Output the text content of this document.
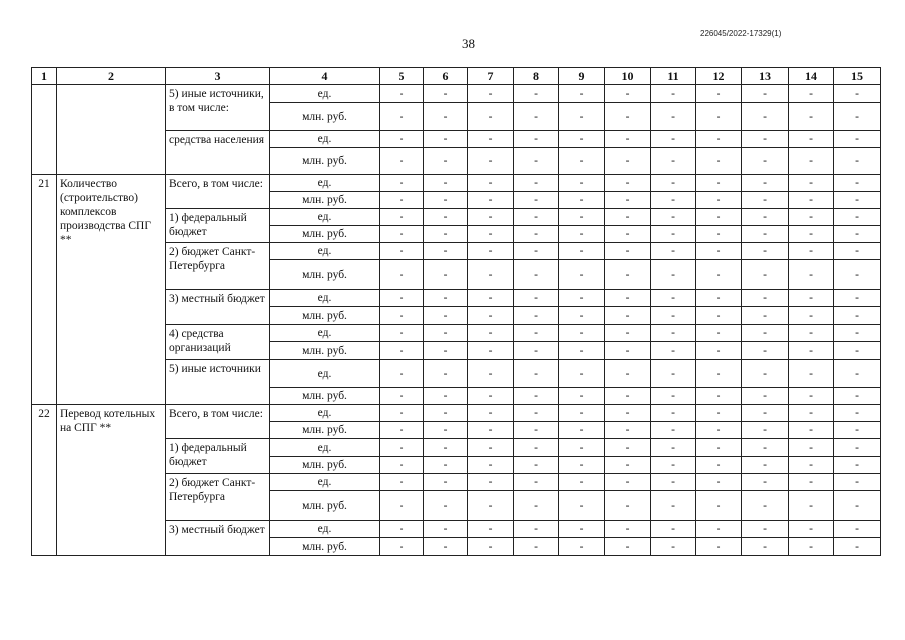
226045/2022-17329(1)
38
1	2	3	4	5	6	7	8	9	10	11	12	13	14	15
		5) иные источники, в том числе:	ед.	-	-	-	-	-	-	-	-	-	-	-
			млн. руб.	-	-	-	-	-	-	-	-	-	-	-
		средства населения	ед.	-	-	-	-	-	-	-	-	-	-	-
			млн. руб.	-	-	-	-	-	-	-	-	-	-	-
21	Количество (строительство) комплексов производства СПГ **	Всего, в том числе:	ед.	-	-	-	-	-	-	-	-	-	-	-
			млн. руб.	-	-	-	-	-	-	-	-	-	-	-
		1) федеральный бюджет	ед.	-	-	-	-	-	-	-	-	-	-	-
			млн. руб.	-	-	-	-	-	-	-	-	-	-	-
		2) бюджет Санкт-Петербурга	ед.	-	-	-	-	-	-	-	-	-	-	-
			млн. руб.	-	-	-	-	-	-	-	-	-	-	-
		3) местный бюджет	ед.	-	-	-	-	-	-	-	-	-	-	-
			млн. руб.	-	-	-	-	-	-	-	-	-	-	-
		4) средства организаций	ед.	-	-	-	-	-	-	-	-	-	-	-
			млн. руб.	-	-	-	-	-	-	-	-	-	-	-
		5) иные источники	ед.	-	-	-	-	-	-	-	-	-	-	-
			млн. руб.	-	-	-	-	-	-	-	-	-	-	-
22	Перевод котельных на СПГ **	Всего, в том числе:	ед.	-	-	-	-	-	-	-	-	-	-	-
			млн. руб.	-	-	-	-	-	-	-	-	-	-	-
		1) федеральный бюджет	ед.	-	-	-	-	-	-	-	-	-	-	-
			млн. руб.	-	-	-	-	-	-	-	-	-	-	-
		2) бюджет Санкт-Петербурга	ед.	-	-	-	-	-	-	-	-	-	-	-
			млн. руб.	-	-	-	-	-	-	-	-	-	-	-
		3) местный бюджет	ед.	-	-	-	-	-	-	-	-	-	-	-
			млн. руб.	-	-	-	-	-	-	-	-	-	-	-
